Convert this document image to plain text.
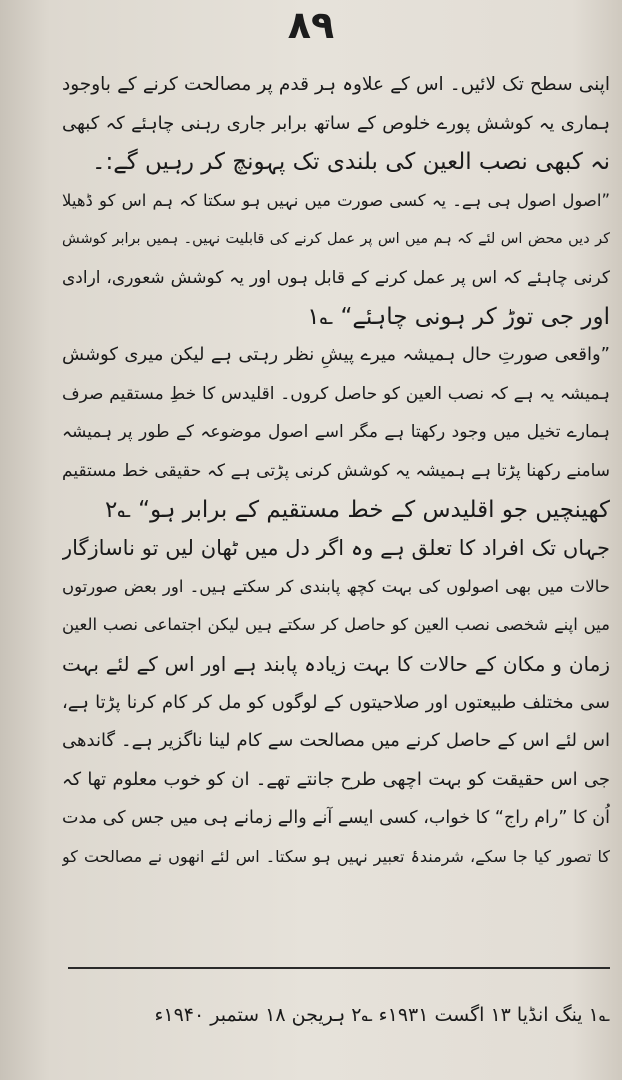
۸۹

اپنی سطح تک لائیں۔ اس کے علاوہ ہر قدم پر مصالحت کرنے کے باوجود
ہماری یہ کوشش پورے خلوص کے ساتھ برابر جاری رہنی چاہئے کہ کبھی
نہ کبھی نصب العین کی بلندی تک پہونچ کر رہیں گے:۔

”اصول اصول ہی ہے۔ یہ کسی صورت میں نہیں ہو سکتا کہ ہم اس کو ڈھیلا
کر دیں محض اس لئے کہ ہم میں اس پر عمل کرنے کی قابلیت نہیں۔ ہمیں برابر کوشش
کرنی چاہئے کہ اس پر عمل کرنے کے قابل ہوں اور یہ کوشش شعوری، ارادی
اور جی توڑ کر ہونی چاہئے“ ؎۱

”واقعی صورتِ حال ہمیشہ میرے پیشِ نظر رہتی ہے لیکن میری کوشش
ہمیشہ یہ ہے کہ نصب العین کو حاصل کروں۔ اقلیدس کا خطِ مستقیم صرف
ہمارے تخیل میں وجود رکھتا ہے مگر اسے اصول موضوعہ کے طور پر ہمیشہ
سامنے رکھنا پڑتا ہے ہمیشہ یہ کوشش کرنی پڑتی ہے کہ حقیقی خط مستقیم
کھینچیں جو اقلیدس کے خط مستقیم کے برابر ہو“ ؎۲

جہاں تک افراد کا تعلق ہے وہ اگر دل میں ٹھان لیں تو ناسازگار
حالات میں بھی اصولوں کی بہت کچھ پابندی کر سکتے ہیں۔ اور بعض صورتوں
میں اپنے شخصی نصب العین کو حاصل کر سکتے ہیں لیکن اجتماعی نصب العین
زمان و مکان کے حالات کا بہت زیادہ پابند ہے اور اس کے لئے بہت
سی مختلف طبیعتوں اور صلاحیتوں کے لوگوں کو مل کر کام کرنا پڑتا ہے،
اس لئے اس کے حاصل کرنے میں مصالحت سے کام لینا ناگزیر ہے۔ گاندھی
جی اس حقیقت کو بہت اچھی طرح جانتے تھے۔ ان کو خوب معلوم تھا کہ
اُن کا ”رام راج“ کا خواب، کسی ایسے آنے والے زمانے ہی میں جس کی مدت
کا تصور کیا جا سکے، شرمندۂ تعبیر نہیں ہو سکتا۔ اس لئے انھوں نے مصالحت کو

؎۱ ینگ انڈیا ۱۳ اگست ۱۹۳۱ء ؎۲ ہریجن ۱۸ ستمبر ۱۹۴۰ء
